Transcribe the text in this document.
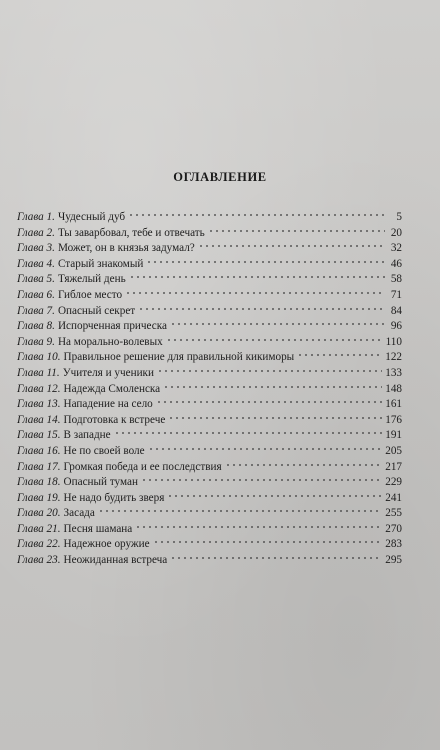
ОГЛАВЛЕНИЕ
Глава 1. Чудесный дуб	5
Глава 2. Ты заварбовал, тебе и отвечать	20
Глава 3. Может, он в князья задумал?	32
Глава 4. Старый знакомый	46
Глава 5. Тяжелый день	58
Глава 6. Гиблое место	71
Глава 7. Опасный секрет	84
Глава 8. Испорченная прическа	96
Глава 9. На морально-волевых	110
Глава 10. Правильное решение для правильной кикиморы	122
Глава 11. Учителя и ученики	133
Глава 12. Надежда Смоленска	148
Глава 13. Нападение на село	161
Глава 14. Подготовка к встрече	176
Глава 15. В западне	191
Глава 16. Не по своей воле	205
Глава 17. Громкая победа и ее последствия	217
Глава 18. Опасный туман	229
Глава 19. Не надо будить зверя	241
Глава 20. Засада	255
Глава 21. Песня шамана	270
Глава 22. Надежное оружие	283
Глава 23. Неожиданная встреча	295
